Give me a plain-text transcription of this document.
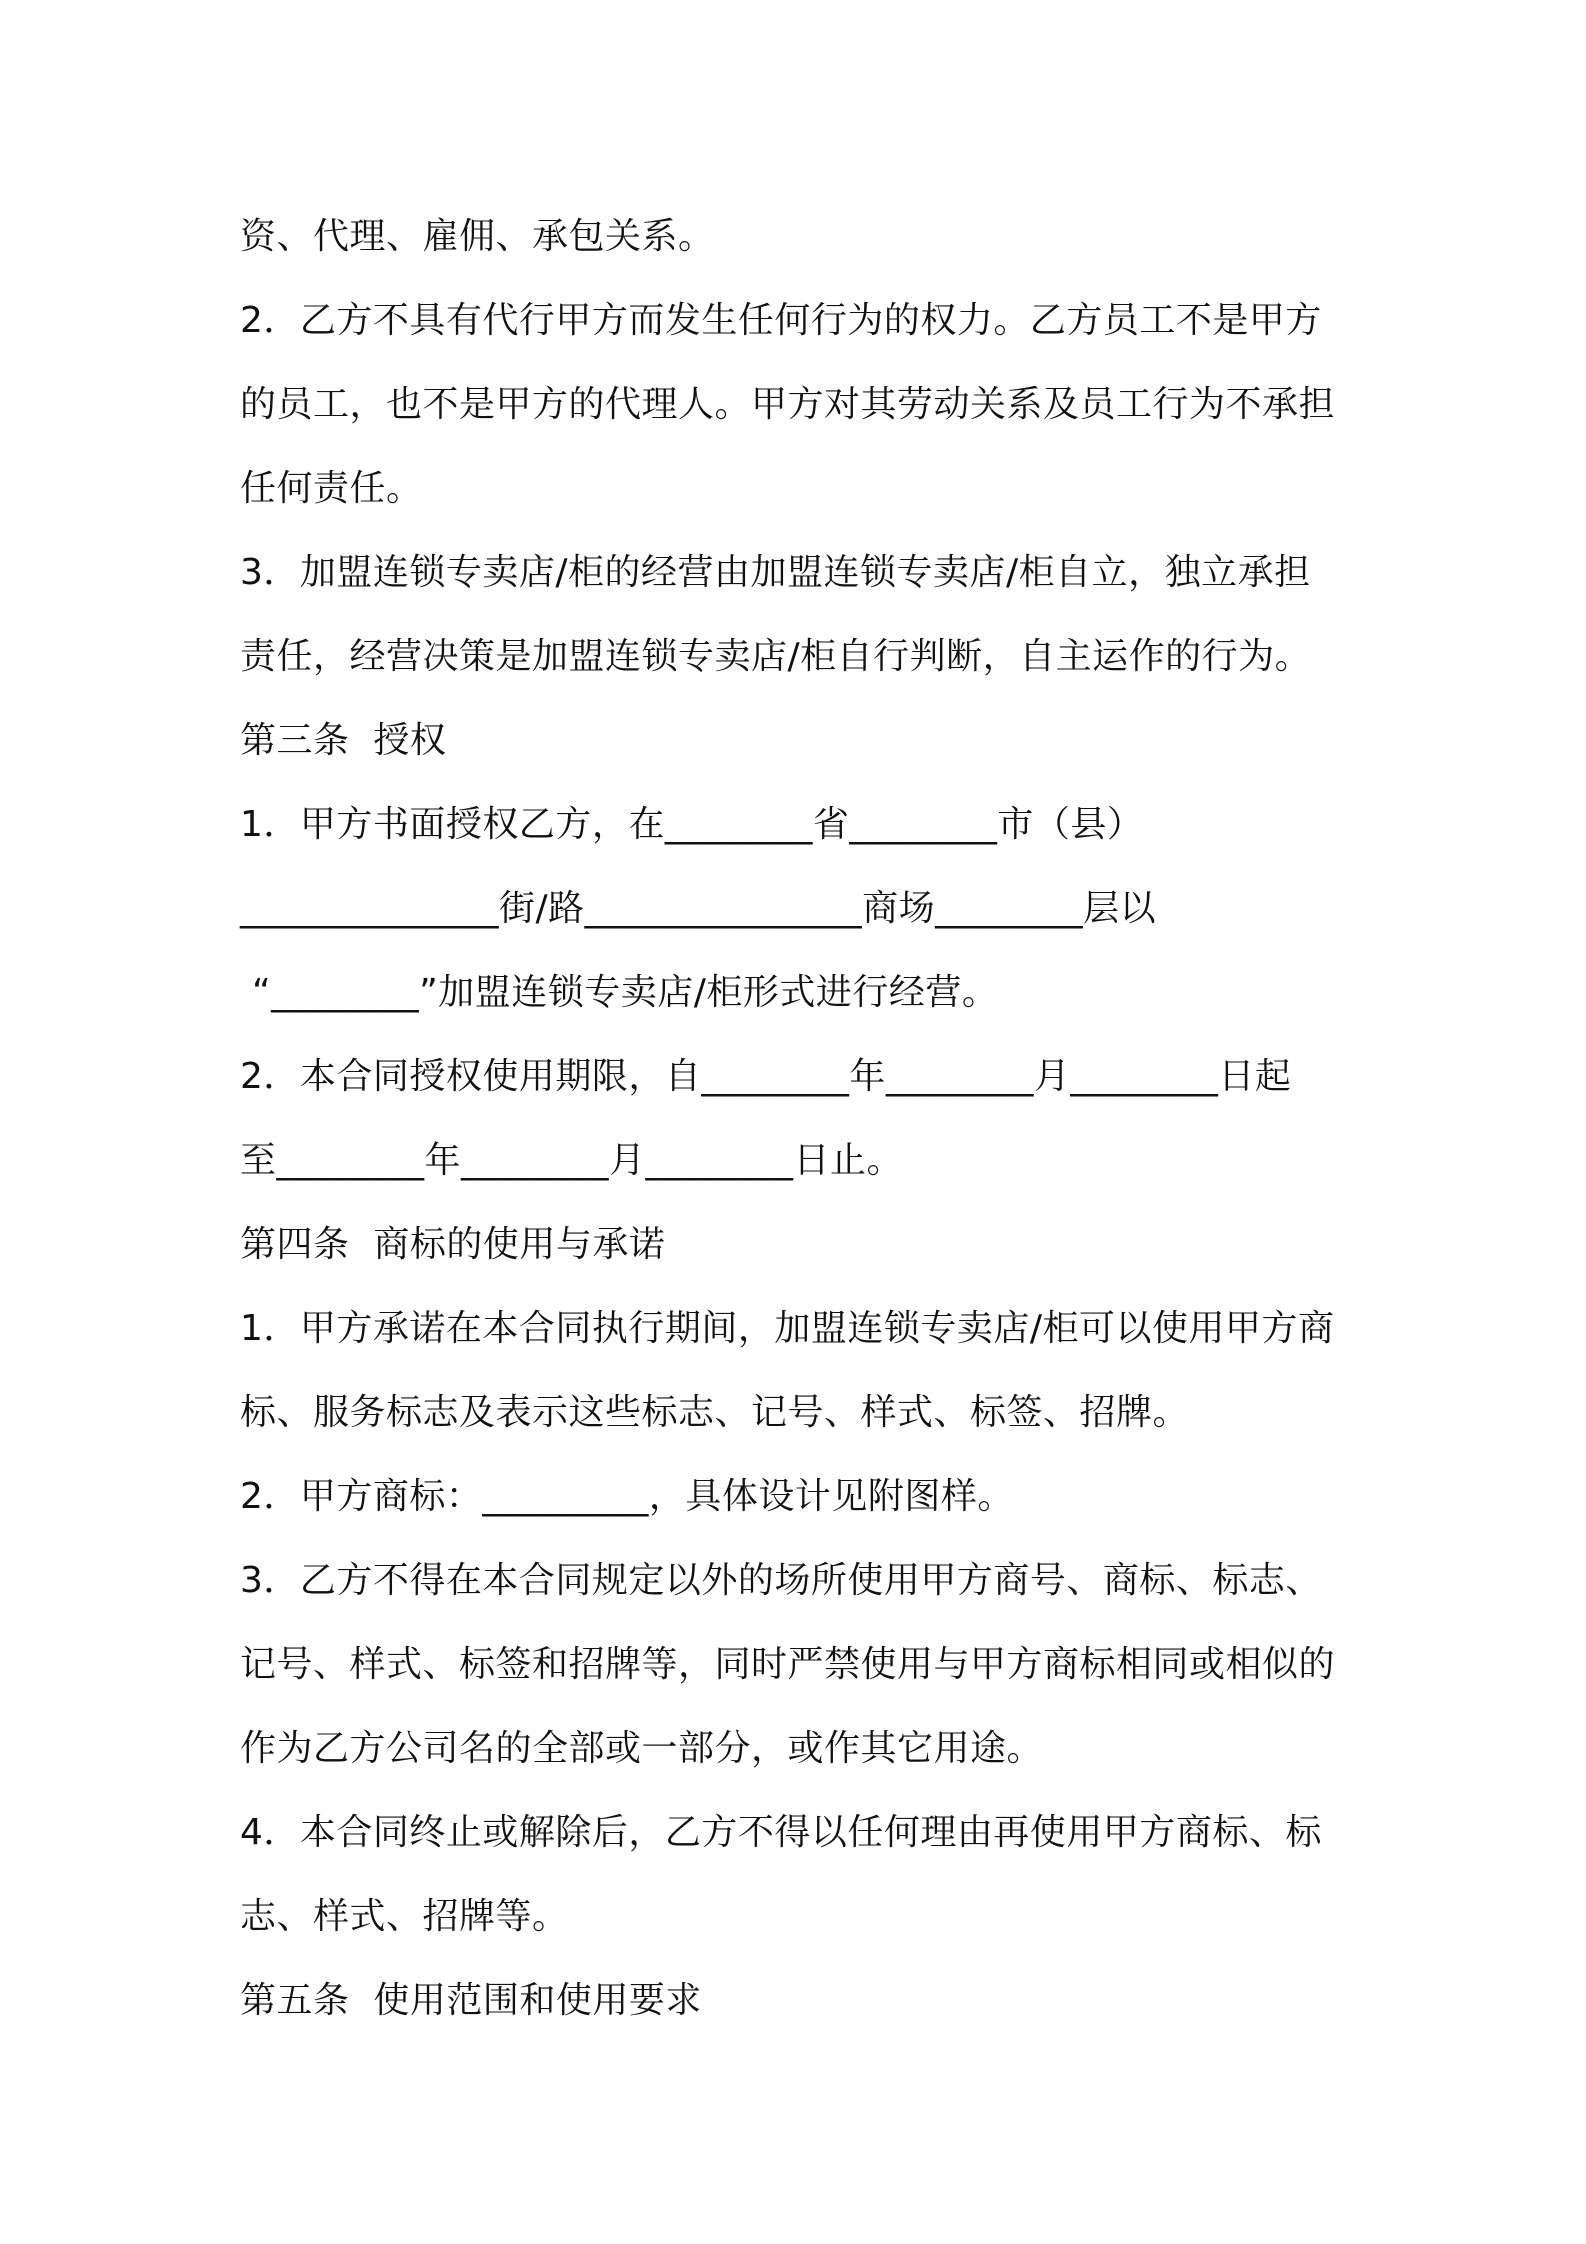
资、代理、雇佣、承包关系。
2．乙方不具有代行甲方而发生任何行为的权力。乙方员工不是甲方
的员工，也不是甲方的代理人。甲方对其劳动关系及员工行为不承担
任何责任。
3．加盟连锁专卖店/柜的经营由加盟连锁专卖店/柜自立，独立承担
责任，经营决策是加盟连锁专卖店/柜自行判断，自主运作的行为。
第三条  授权
1．甲方书面授权乙方，在________省________市（县）
______________街/路_______________商场________层以
“________”加盟连锁专卖店/柜形式进行经营。
2．本合同授权使用期限，自________年________月________日起
至________年________月________日止。
第四条  商标的使用与承诺
1．甲方承诺在本合同执行期间，加盟连锁专卖店/柜可以使用甲方商
标、服务标志及表示这些标志、记号、样式、标签、招牌。
2．甲方商标：_________，具体设计见附图样。
3．乙方不得在本合同规定以外的场所使用甲方商号、商标、标志、
记号、样式、标签和招牌等，同时严禁使用与甲方商标相同或相似的
作为乙方公司名的全部或一部分，或作其它用途。
4．本合同终止或解除后，乙方不得以任何理由再使用甲方商标、标
志、样式、招牌等。
第五条  使用范围和使用要求
